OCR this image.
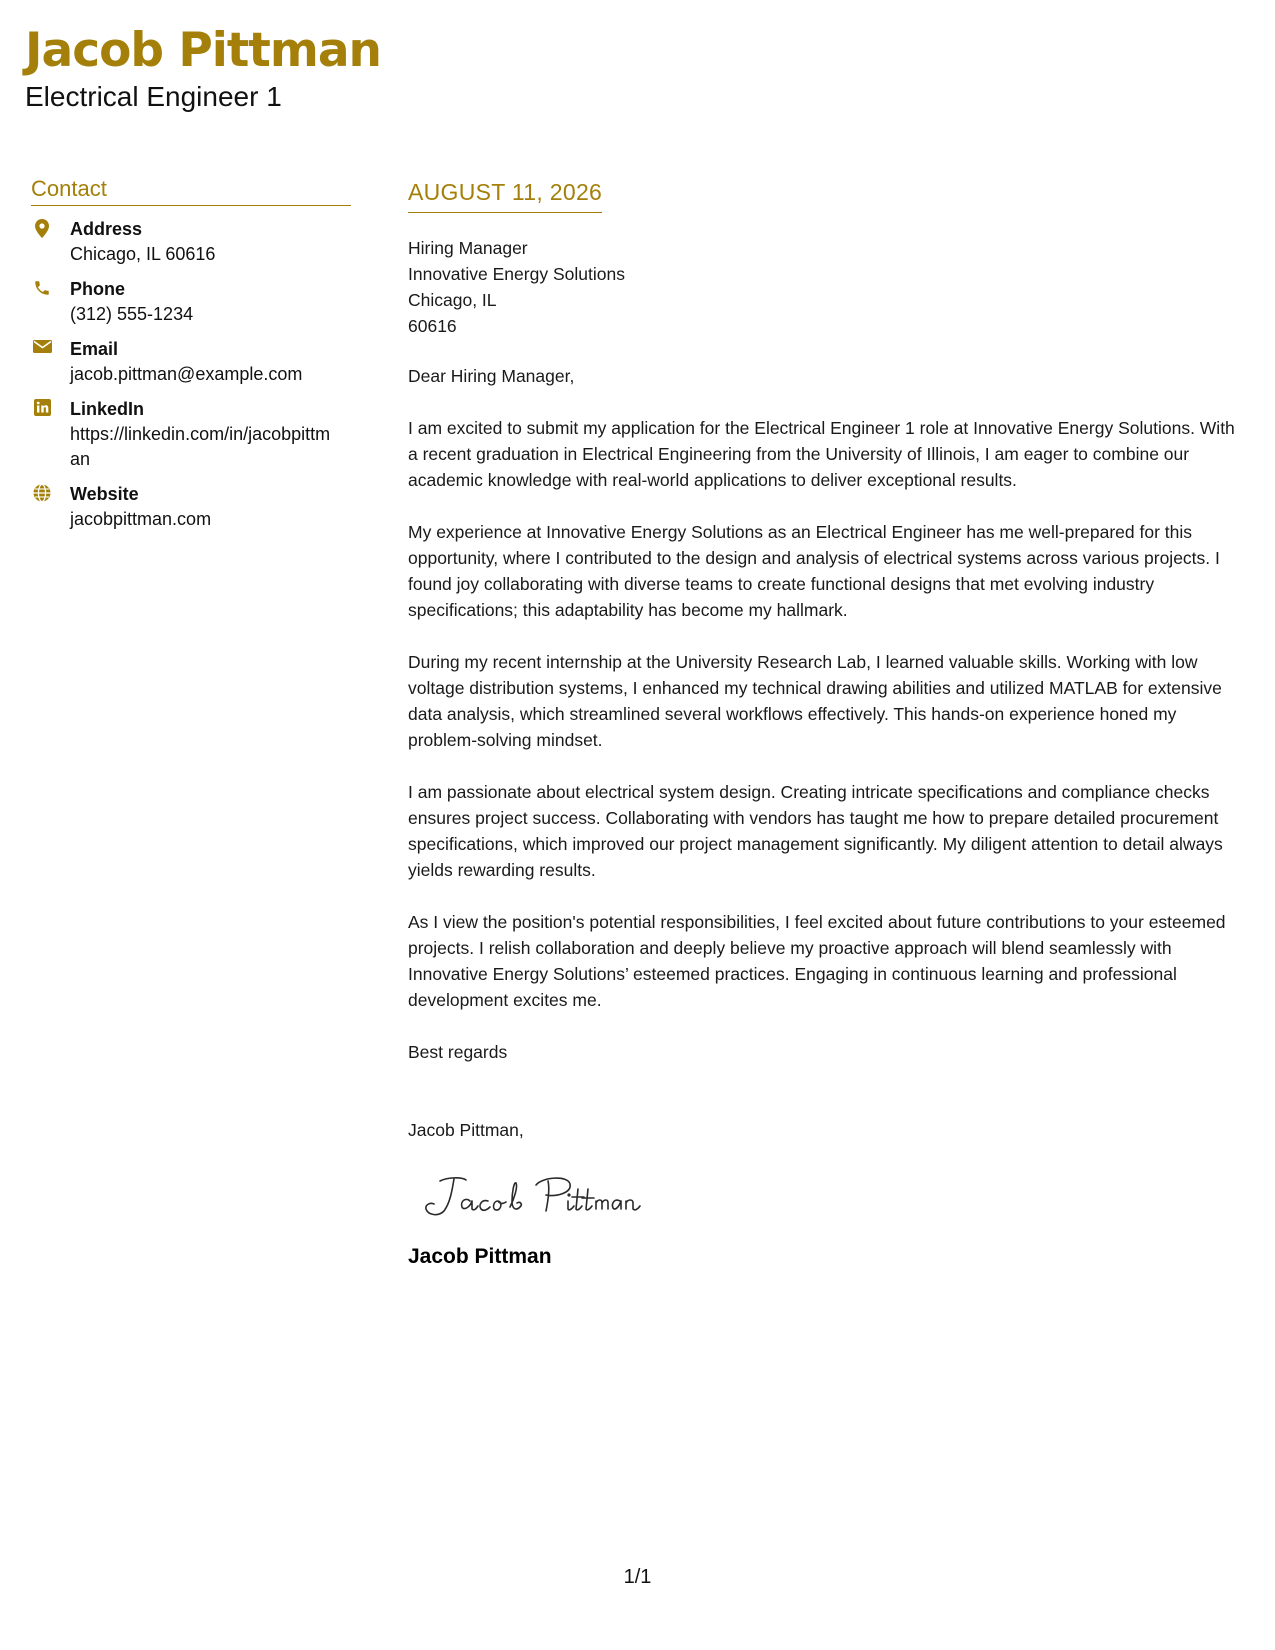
Jacob Pittman
Electrical Engineer 1
Contact
Address
Chicago, IL 60616
Phone
(312) 555-1234
Email
jacob.pittman@example.com
LinkedIn
https://linkedin.com/in/jacobpittman
Website
jacobpittman.com
AUGUST 11, 2026
Hiring Manager
Innovative Energy Solutions
Chicago, IL
60616

Dear Hiring Manager,

I am excited to submit my application for the Electrical Engineer 1 role at Innovative Energy Solutions. With a recent graduation in Electrical Engineering from the University of Illinois, I am eager to combine our academic knowledge with real-world applications to deliver exceptional results.

My experience at Innovative Energy Solutions as an Electrical Engineer has me well-prepared for this opportunity, where I contributed to the design and analysis of electrical systems across various projects. I found joy collaborating with diverse teams to create functional designs that met evolving industry specifications; this adaptability has become my hallmark.

During my recent internship at the University Research Lab, I learned valuable skills. Working with low voltage distribution systems, I enhanced my technical drawing abilities and utilized MATLAB for extensive data analysis, which streamlined several workflows effectively. This hands-on experience honed my problem-solving mindset.

I am passionate about electrical system design. Creating intricate specifications and compliance checks ensures project success. Collaborating with vendors has taught me how to prepare detailed procurement specifications, which improved our project management significantly. My diligent attention to detail always yields rewarding results.

As I view the position's potential responsibilities, I feel excited about future contributions to your esteemed projects. I relish collaboration and deeply believe my proactive approach will blend seamlessly with Innovative Energy Solutions’ esteemed practices. Engaging in continuous learning and professional development excites me.

Best regards

Jacob Pittman,

Jacob Pittman
1/1
